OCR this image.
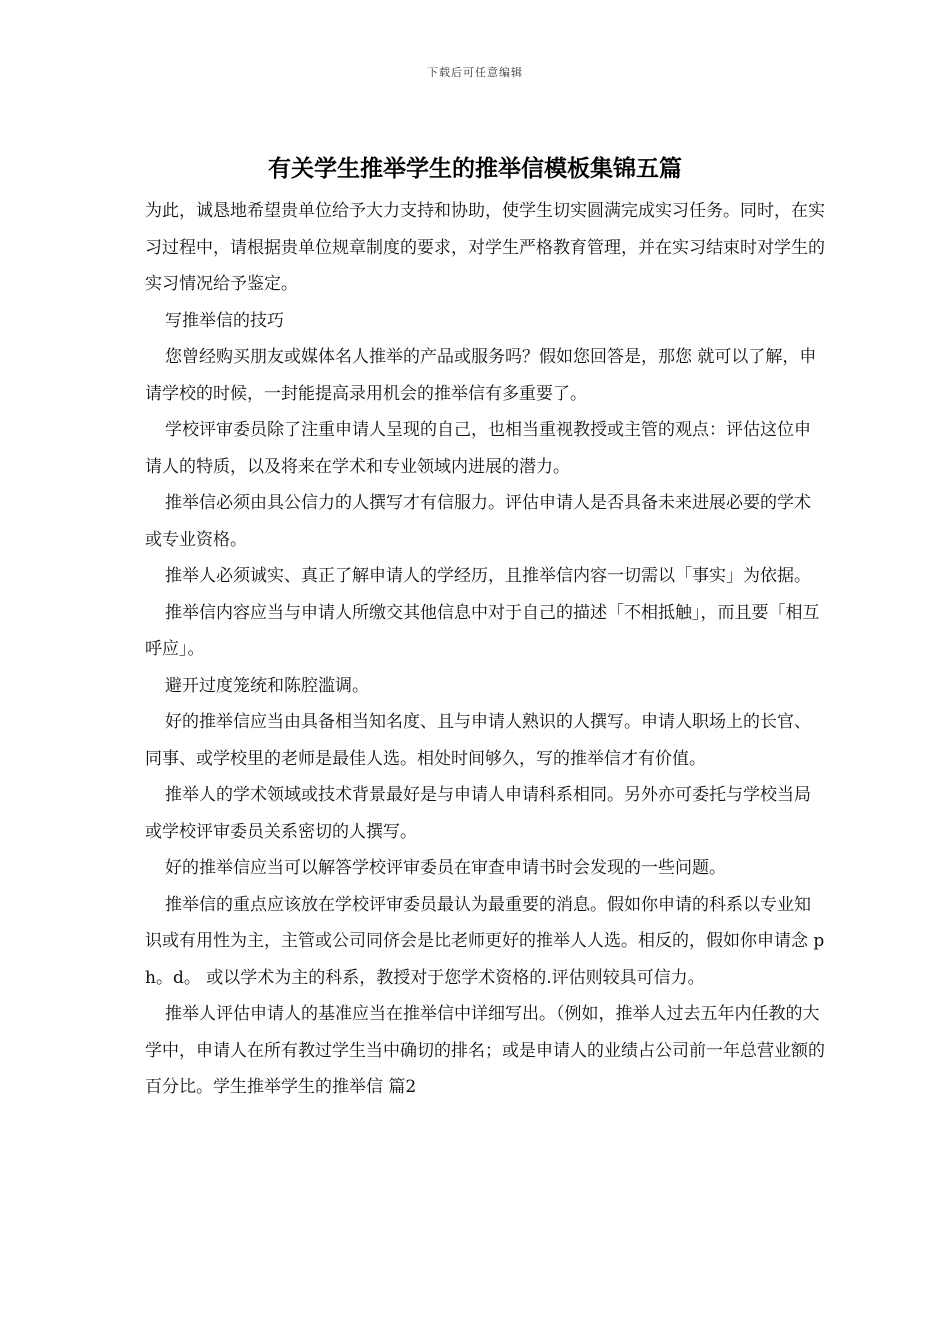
下载后可任意编辑
有关学生推举学生的推举信模板集锦五篇

为此，诚恳地希望贵单位给予大力支持和协助，使学生切实圆满完成实习任务。同时，在实习过程中，请根据贵单位规章制度的要求，对学生严格教育管理，并在实习结束时对学生的实习情况给予鉴定。

写推举信的技巧

您曾经购买朋友或媒体名人推举的产品或服务吗？假如您回答是，那您 就可以了解，申请学校的时候，一封能提高录用机会的推举信有多重要了。

学校评审委员除了注重申请人呈现的自己，也相当重视教授或主管的观点：评估这位申请人的特质，以及将来在学术和专业领域内进展的潜力。

推举信必须由具公信力的人撰写才有信服力。评估申请人是否具备未来进展必要的学术或专业资格。

推举人必须诚实、真正了解申请人的学经历，且推举信内容一切需以「事实」为依据。

推举信内容应当与申请人所缴交其他信息中对于自己的描述「不相抵触」，而且要「相互呼应」。

避开过度笼统和陈腔滥调。

好的推举信应当由具备相当知名度、且与申请人熟识的人撰写。申请人职场上的长官、同事、或学校里的老师是最佳人选。相处时间够久，写的推举信才有价值。

推举人的学术领域或技术背景最好是与申请人申请科系相同。另外亦可委托与学校当局或学校评审委员关系密切的人撰写。

好的推举信应当可以解答学校评审委员在审查申请书时会发现的一些问题。

推举信的重点应该放在学校评审委员最认为最重要的消息。假如你申请的科系以专业知识或有用性为主，主管或公司同侪会是比老师更好的推举人人选。相反的，假如你申请念 ph。d。 或以学术为主的科系，教授对于您学术资格的.评估则较具可信力。

推举人评估申请人的基准应当在推举信中详细写出。（例如，推举人过去五年内任教的大学中，申请人在所有教过学生当中确切的排名；或是申请人的业绩占公司前一年总营业额的百分比。学生推举学生的推举信 篇2
